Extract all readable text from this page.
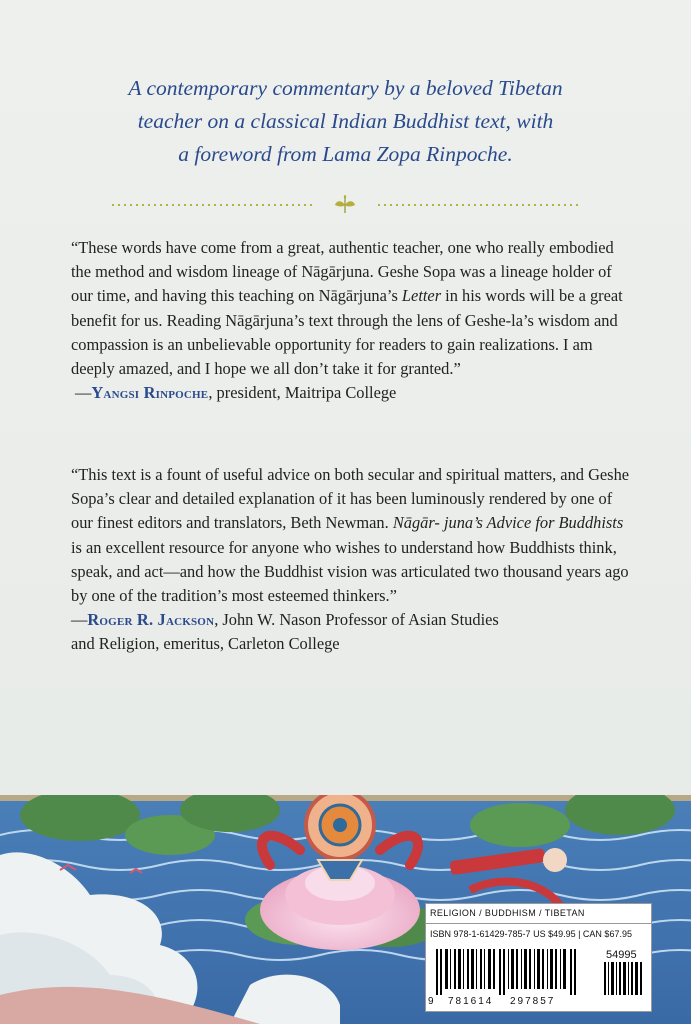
A contemporary commentary by a beloved Tibetan
teacher on a classical Indian Buddhist text, with
a foreword from Lama Zopa Rinpoche.

“These words have come from a great, authentic teacher, one who really embodied the method and wisdom lineage of Nāgārjuna. Geshe Sopa was a lineage holder of our time, and having this teaching on Nāgārjuna’s Letter in his words will be a great benefit for us. Reading Nāgārjuna’s text through the lens of Geshe-la’s wisdom and compassion is an unbelievable opportunity for readers to gain realizations. I am deeply amazed, and I hope we all don’t take it for granted.”

—Yangsi Rinpoche, president, Maitripa College

“This text is a fount of useful advice on both secular and spiritual matters, and Geshe Sopa’s clear and detailed explanation of it has been luminously rendered by one of our finest editors and translators, Beth Newman. Nāgār- juna’s Advice for Buddhists is an excellent resource for anyone who wishes to understand how Buddhists think, speak, and act—and how the Buddhist vision was articulated two thousand years ago by one of the tradition’s most esteemed thinkers.”

—Roger R. Jackson, John W. Nason Professor of Asian Studies
and Religion, emeritus, Carleton College

RELIGION / BUDDHISM / TIBETAN
ISBN 978-1-61429-785-7 US $49.95 | CAN $67.95
54995
9 781614 297857
